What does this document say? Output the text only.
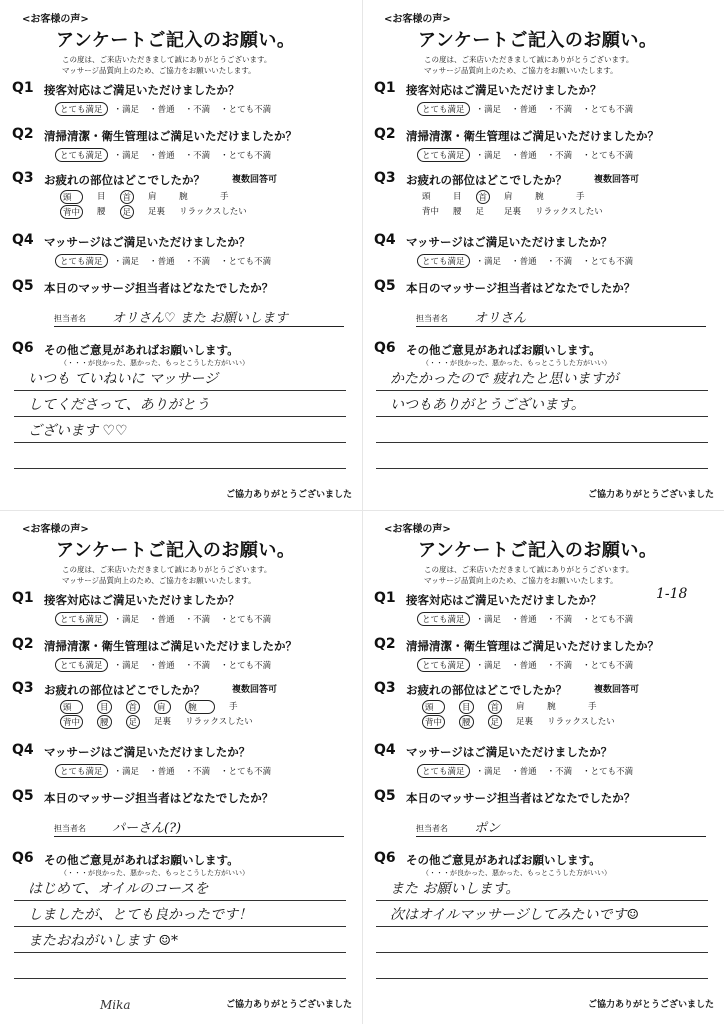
<お客様の声>
アンケートご記入のお願い。
この度は、ご来店いただきまして誠にありがとうございます。
マッサージ品質向上のため、ご協力をお願いいたします。
Q1 接客対応はご満足いただけましたか？
Q2 清掃清潔・衛生管理はご満足いただけましたか？
Q3 お疲れの部位はどこでしたか？
Q4 マッサージはご満足いただけましたか？
Q5 本日のマッサージ担当者はどなたでしたか？
Q6 その他ご意見があればお願いします。
とても満足 ・満足 ・普通 ・不満 ・とても不満
とても満足 ・満足 ・普通 ・不満 ・とても不満
とても満足 ・満足 ・普通 ・不満 ・とても不満
複数回答可
頭	目	首	肩	腕	手
背中	腰	足	足裏 リラックスしたい
担当者名 オリさん♡ また お願いします
（・・・が良かった、悪かった、もっとこうした方がいい）
いつも ていねいに マッサージ
してくださって、ありがとう
ございます ♡♡
ご協力ありがとうございました
<お客様の声>
アンケートご記入のお願い。
この度は、ご来店いただきまして誠にありがとうございます。
マッサージ品質向上のため、ご協力をお願いいたします。
Q1 接客対応はご満足いただけましたか？
Q2 清掃清潔・衛生管理はご満足いただけましたか？
Q3 お疲れの部位はどこでしたか？
Q4 マッサージはご満足いただけましたか？
Q5 本日のマッサージ担当者はどなたでしたか？
Q6 その他ご意見があればお願いします。
とても満足 ・満足 ・普通 ・不満 ・とても不満
とても満足 ・満足 ・普通 ・不満 ・とても不満
とても満足 ・満足 ・普通 ・不満 ・とても不満
複数回答可
頭	目	首	肩	腕	手
背中 腰 足	足裏 リラックスしたい
担当者名 オリさん
（・・・が良かった、悪かった、もっとこうした方がいい）
かたかったので 疲れたと思いますが
いつもありがとうございます。
ご協力ありがとうございました
<お客様の声>
アンケートご記入のお願い。
この度は、ご来店いただきまして誠にありがとうございます。
マッサージ品質向上のため、ご協力をお願いいたします。
Q1 接客対応はご満足いただけましたか？
Q2 清掃清潔・衛生管理はご満足いただけましたか？
Q3 お疲れの部位はどこでしたか？
Q4 マッサージはご満足いただけましたか？
Q5 本日のマッサージ担当者はどなたでしたか？
Q6 その他ご意見があればお願いします。
とても満足 ・満足 ・普通 ・不満 ・とても不満
とても満足 ・満足 ・普通 ・不満 ・とても不満
とても満足 ・満足 ・普通 ・不満 ・とても不満
複数回答可
頭	目	首	肩	腕	手
背中	腰	足	足裏 リラックスしたい
担当者名 パーさん(?)
（・・・が良かった、悪かった、もっとこうした方がいい）
はじめて、オイルのコースを
しましたが、とても良かったです！
またおねがいします ☺*
Mika	ご協力ありがとうございました
<お客様の声>
アンケートご記入のお願い。
この度は、ご来店いただきまして誠にありがとうございます。
マッサージ品質向上のため、ご協力をお願いいたします。
Q1 接客対応はご満足いただけましたか？
Q2 清掃清潔・衛生管理はご満足いただけましたか？
Q3 お疲れの部位はどこでしたか？
Q4 マッサージはご満足いただけましたか？
Q5 本日のマッサージ担当者はどなたでしたか？
Q6 その他ご意見があればお願いします。
1-18
とても満足 ・満足 ・普通 ・不満 ・とても不満
とても満足 ・満足 ・普通 ・不満 ・とても不満
とても満足 ・満足 ・普通 ・不満 ・とても不満
複数回答可
頭	目	首	肩	腕	手
背中	腰	足	足裏 リラックスしたい
担当者名 ポン
（・・・が良かった、悪かった、もっとこうした方がいい）
また お願いします。
次はオイルマッサージしてみたいです☺
ご協力ありがとうございました
